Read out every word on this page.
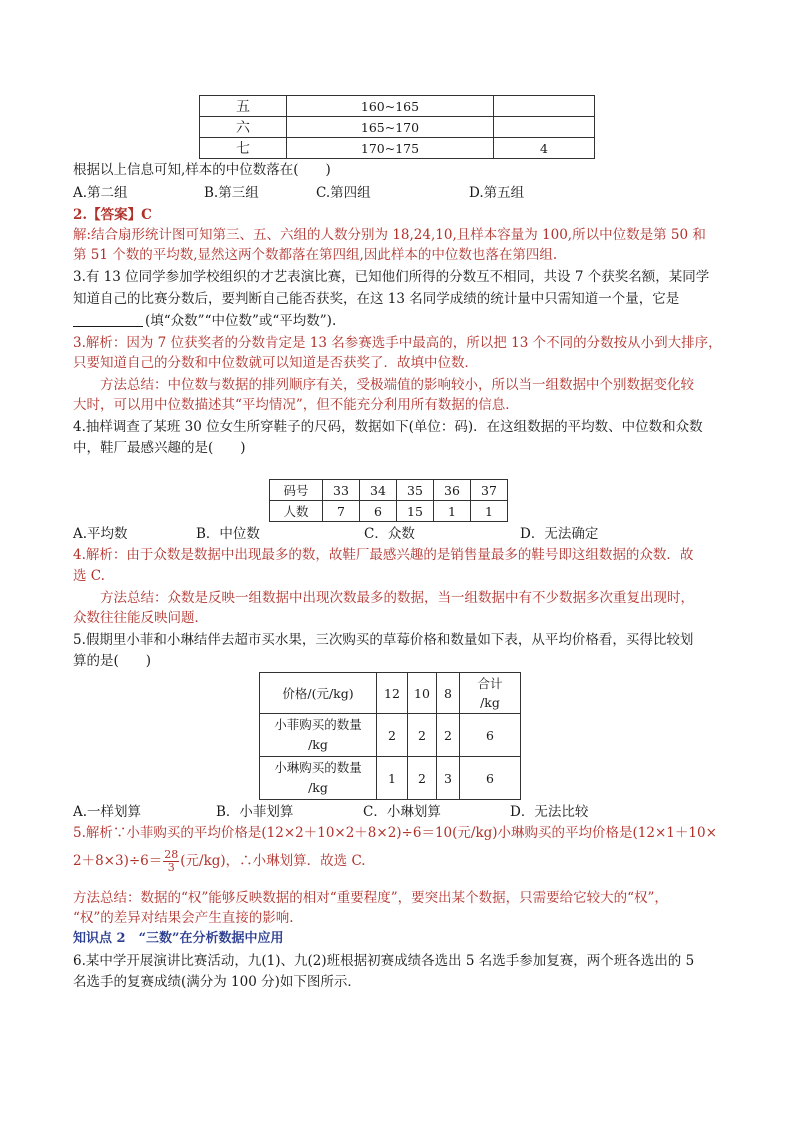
五	160~165	
六	165~170	
七	170~175	4
根据以上信息可知,样本的中位数落在(　　)
A.第二组	B.第三组	C.第四组	D.第五组
2.【答案】C
解:结合扇形统计图可知第三、五、六组的人数分别为 18,24,10,且样本容量为 100,所以中位数是第 50 和
第 51 个数的平均数,显然这两个数都落在第四组,因此样本的中位数也落在第四组.
3.有 13 位同学参加学校组织的才艺表演比赛，已知他们所得的分数互不相同，共设 7 个获奖名额，某同学
知道自己的比赛分数后，要判断自己能否获奖，在这 13 名同学成绩的统计量中只需知道一个量，它是
(填“众数”“中位数”或“平均数”).
3.解析：因为 7 位获奖者的分数肯定是 13 名参赛选手中最高的，所以把 13 个不同的分数按从小到大排序，
只要知道自己的分数和中位数就可以知道是否获奖了．故填中位数．
方法总结：中位数与数据的排列顺序有关，受极端值的影响较小，所以当一组数据中个别数据变化较
大时，可以用中位数描述其“平均情况”，但不能充分利用所有数据的信息．
4.抽样调查了某班 30 位女生所穿鞋子的尺码，数据如下(单位：码)．在这组数据的平均数、中位数和众数
中，鞋厂最感兴趣的是(　　)
码号	33	34	35	36	37
人数	7	6	15	1	1
A.平均数	B．中位数	C．众数	D．无法确定
4.解析：由于众数是数据中出现最多的数，故鞋厂最感兴趣的是销售量最多的鞋号即这组数据的众数．故
选 C.
方法总结：众数是反映一组数据中出现次数最多的数据，当一组数据中有不少数据多次重复出现时，
众数往往能反映问题．
5.假期里小菲和小琳结伴去超市买水果，三次购买的草莓价格和数量如下表，从平均价格看，买得比较划
算的是(　　)
价格/(元/kg)	12	10	8	合计
/kg

小菲购买的数量
/kg	2	2	2	6

小琳购买的数量
/kg	1	2	3	6
A.一样划算	B．小菲划算	C．小琳划算	D．无法比较
5.解析∵小菲购买的平均价格是(12×2＋10×2＋8×2)÷6＝10(元/kg)小琳购买的平均价格是(12×1＋10×
$2+8\times 3)\div 6= \frac{28}{3}$ (元/kg)，∴小琳划算．故选 C.
方法总结：数据的“权”能够反映数据的相对“重要程度”，要突出某个数据，只需要给它较大的“权”，
“权”的差异对结果会产生直接的影响.
知识点 2　“三数”在分析数据中应用
6.某中学开展演讲比赛活动，九(1)、九(2)班根据初赛成绩各选出 5 名选手参加复赛，两个班各选出的 5
名选手的复赛成绩(满分为 100 分)如下图所示．
